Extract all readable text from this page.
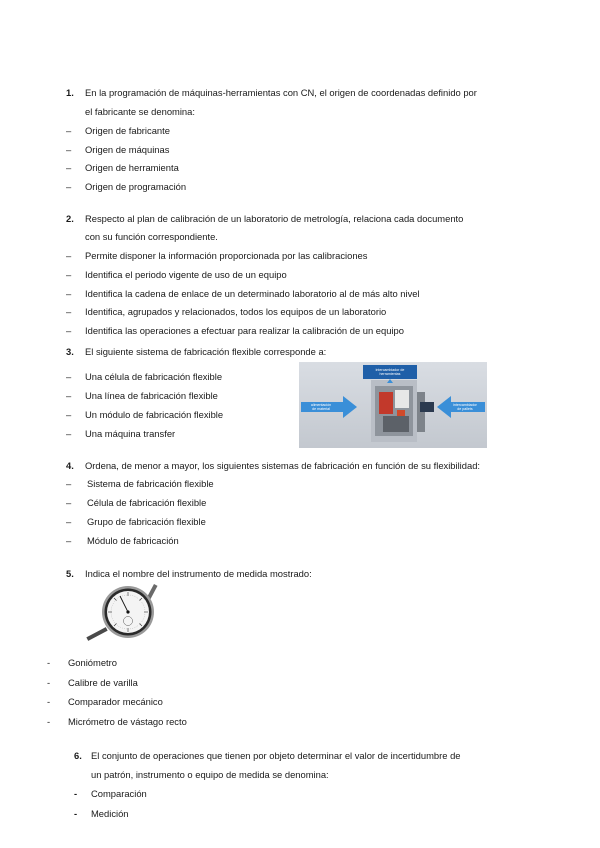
1. En la programación de máquinas-herramientas con CN, el origen de coordenadas definido por
el fabricante se denomina:
– Origen de fabricante
– Origen de máquinas
– Origen de herramienta
– Origen de programación
2. Respecto al plan de calibración de un laboratorio de metrología, relaciona cada documento
con su función correspondiente.
– Permite disponer la información proporcionada por las calibraciones
– Identifica el periodo vigente de uso de un equipo
– Identifica la cadena de enlace de un determinado laboratorio al de más alto nivel
– Identifica, agrupados y relacionados, todos los equipos de un laboratorio
– Identifica las operaciones a efectuar para realizar la calibración de un equipo
3. El siguiente sistema de fabricación flexible corresponde a:
– Una célula de fabricación flexible
– Una línea de fabricación flexible
– Un módulo de fabricación flexible
– Una máquina transfer
intercambiador de herramientas
alimentación de material
intercambiador de pallets
4. Ordena, de menor a mayor, los siguientes sistemas de fabricación en función de su flexibilidad:
– Sistema de fabricación flexible
– Célula de fabricación flexible
– Grupo de fabricación flexible
– Módulo de fabricación
5. Indica el nombre del instrumento de medida mostrado:
- Goniómetro
- Calibre de varilla
- Comparador mecánico
- Micrómetro de vástago recto
6. El conjunto de operaciones que tienen por objeto determinar el valor de incertidumbre de
un patrón, instrumento o equipo de medida se denomina:
- Comparación
- Medición
